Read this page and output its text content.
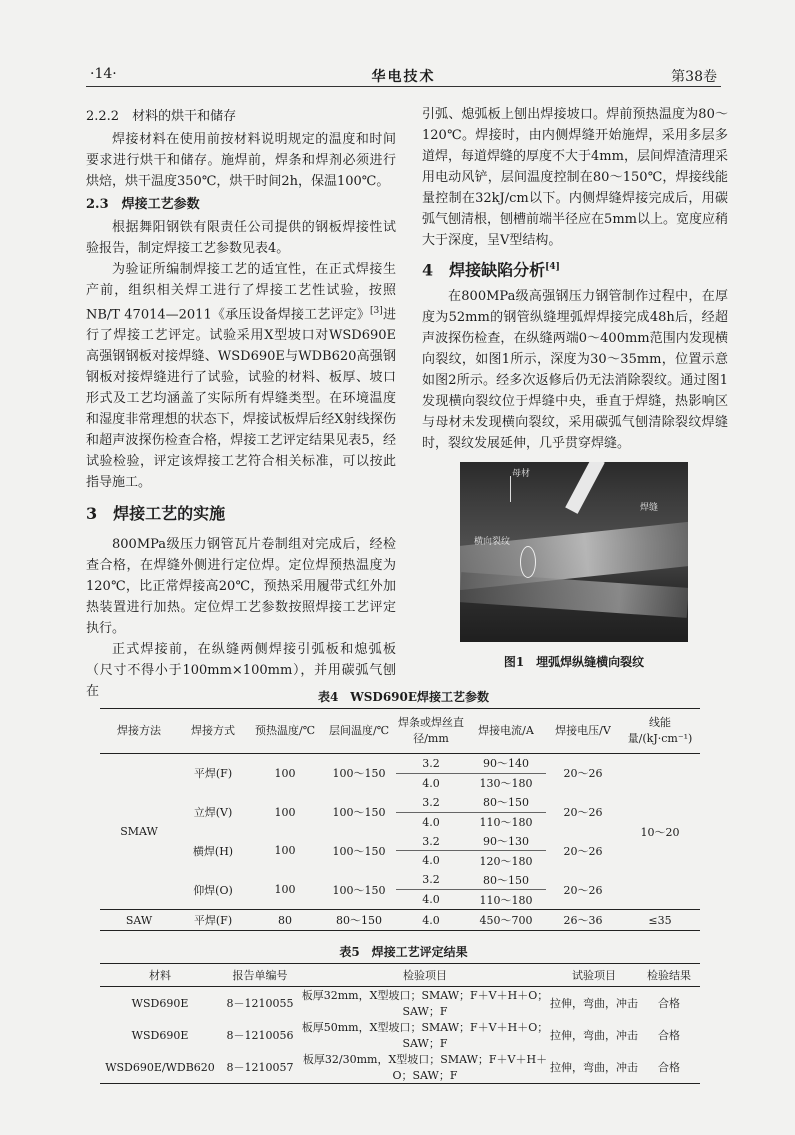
·14·	华电技术	第38卷
2.2.2　材料的烘干和储存

焊接材料在使用前按材料说明规定的温度和时间要求进行烘干和储存。施焊前，焊条和焊剂必须进行烘焙，烘干温度350℃，烘干时间2h，保温100℃。

2.3　焊接工艺参数

根据舞阳钢铁有限责任公司提供的钢板焊接性试验报告，制定焊接工艺参数见表4。

为验证所编制焊接工艺的适宜性，在正式焊接生产前，组织相关焊工进行了焊接工艺性试验，按照NB/T 47014—2011《承压设备焊接工艺评定》[3]进行了焊接工艺评定。试验采用X型坡口对WSD690E高强钢钢板对接焊缝、WSD690E与WDB620高强钢钢板对接焊缝进行了试验，试验的材料、板厚、坡口形式及工艺均涵盖了实际所有焊缝类型。在环境温度和湿度非常理想的状态下，焊接试板焊后经X射线探伤和超声波探伤检查合格，焊接工艺评定结果见表5，经试验检验，评定该焊接工艺符合相关标准，可以按此指导施工。

3　焊接工艺的实施

800MPa级压力钢管瓦片卷制组对完成后，经检查合格，在焊缝外侧进行定位焊。定位焊预热温度为120℃，比正常焊接高20℃，预热采用履带式红外加热装置进行加热。定位焊工艺参数按照焊接工艺评定执行。

正式焊接前，在纵缝两侧焊接引弧板和熄弧板（尺寸不得小于100mm×100mm），并用碳弧气刨在

引弧、熄弧板上刨出焊接坡口。焊前预热温度为80～120℃。焊接时，由内侧焊缝开始施焊，采用多层多道焊，每道焊缝的厚度不大于4mm，层间焊渣清理采用电动风铲，层间温度控制在80～150℃，焊接线能量控制在32kJ/cm以下。内侧焊缝焊接完成后，用碳弧气刨清根，刨槽前端半径应在5mm以上。宽度应稍大于深度，呈V型结构。

4　焊接缺陷分析[4]

在800MPa级高强钢压力钢管制作过程中，在厚度为52mm的钢管纵缝埋弧焊焊接完成48h后，经超声波探伤检查，在纵缝两端0～400mm范围内发现横向裂纹，如图1所示，深度为30～35mm，位置示意如图2所示。经多次返修后仍无法消除裂纹。通过图1发现横向裂纹位于焊缝中央，垂直于焊缝，热影响区与母材未发现横向裂纹，采用碳弧气刨清除裂纹焊缝时，裂纹发展延伸，几乎贯穿焊缝。

母材
焊缝
横向裂纹
图1　埋弧焊纵缝横向裂纹
表4　WSD690E焊接工艺参数
焊接方法	焊接方式	预热温度/℃	层间温度/℃	焊条或焊丝直径/mm	焊接电流/A	焊接电压/V	线能量/(kJ·cm⁻¹)
SMAW	平焊(F)	100	100～150	3.2	90～140	20～26	10～20
				4.0	130～180		
	立焊(V)	100	100～150	3.2	80～150	20～26	
				4.0	110～180		
	横焊(H)	100	100～150	3.2	90～130	20～26	
				4.0	120～180		
	仰焊(O)	100	100～150	3.2	80～150	20～26	
				4.0	110～180		
SAW	平焊(F)	80	80～150	4.0	450～700	26～36	≤35
表5　焊接工艺评定结果
材料	报告单编号	检验项目	试验项目	检验结果
WSD690E	8－1210055	板厚32mm，X型坡口；SMAW；F＋V＋H＋O；SAW；F	拉伸，弯曲，冲击	合格
WSD690E	8－1210056	板厚50mm，X型坡口；SMAW；F＋V＋H＋O；SAW；F	拉伸，弯曲，冲击	合格
WSD690E/WDB620	8－1210057	板厚32/30mm，X型坡口；SMAW；F＋V＋H＋O；SAW；F	拉伸，弯曲，冲击	合格
